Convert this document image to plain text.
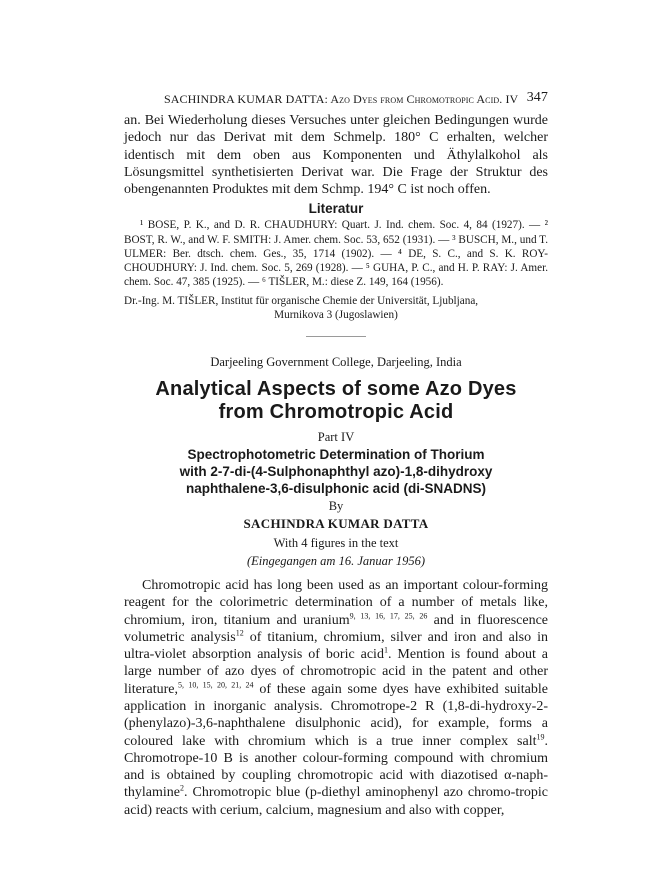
SACHINDRA KUMAR DATTA: Azo Dyes from Chromotropic Acid. IV 347

an. Bei Wiederholung dieses Versuches unter gleichen Bedingungen wurde jedoch nur das Derivat mit dem Schmelp. 180° C erhalten, welcher identisch mit dem oben aus Komponenten und Äthylalkohol als Lösungsmittel synthetisierten Derivat war. Die Frage der Struktur des obengenannten Produktes mit dem Schmp. 194° C ist noch offen.

Literatur

¹ BOSE, P. K., and D. R. CHAUDHURY: Quart. J. Ind. chem. Soc. 4, 84 (1927). — ² BOST, R. W., and W. F. SMITH: J. Amer. chem. Soc. 53, 652 (1931). — ³ BUSCH, M., und T. ULMER: Ber. dtsch. chem. Ges., 35, 1714 (1902). — ⁴ DE, S. C., and S. K. ROY-CHOUDHURY: J. Ind. chem. Soc. 5, 269 (1928). — ⁵ GUHA, P. C., and H. P. RAY: J. Amer. chem. Soc. 47, 385 (1925). — ⁶ TIŠLER, M.: diese Z. 149, 164 (1956).

Dr.-Ing. M. TIŠLER, Institut für organische Chemie der Universität, Ljubljana,
Murnikova 3 (Jugoslawien)

Darjeeling Government College, Darjeeling, India
Analytical Aspects of some Azo Dyes
from Chromotropic Acid
Part IV
Spectrophotometric Determination of Thorium
with 2-7-di-(4-Sulphonaphthyl azo)-1,8-dihydroxy
naphthalene-3,6-disulphonic acid (di-SNADNS)
By
SACHINDRA KUMAR DATTA
With 4 figures in the text
(Eingegangen am 16. Januar 1956)

Chromotropic acid has long been used as an important colour-forming reagent for the colorimetric determination of a number of metals like, chromium, iron, titanium and uranium$^{9, 13, 16, 17, 25, 26}$ and in fluorescence volumetric analysis$^{12}$ of titanium, chromium, silver and iron and also in ultra-violet absorption analysis of boric acid$^1$. Mention is found about a large number of azo dyes of chromotropic acid in the patent and other literature,$^{5, 10, 15, 20, 21, 24}$ of these again some dyes have exhibited suitable application in inorganic analysis. Chromotrope-2 R (1,8-di-hydroxy-2-(phenylazo)-3,6-naphthalene disulphonic acid), for example, forms a coloured lake with chromium which is a true inner complex salt$^{19}$. Chromotrope-10 B is another colour-forming compound with chromium and is obtained by coupling chromotropic acid with diazotised α-naph-thylamine$^2$. Chromotropic blue (p-diethyl aminophenyl azo chromo-tropic acid) reacts with cerium, calcium, magnesium and also with copper,
